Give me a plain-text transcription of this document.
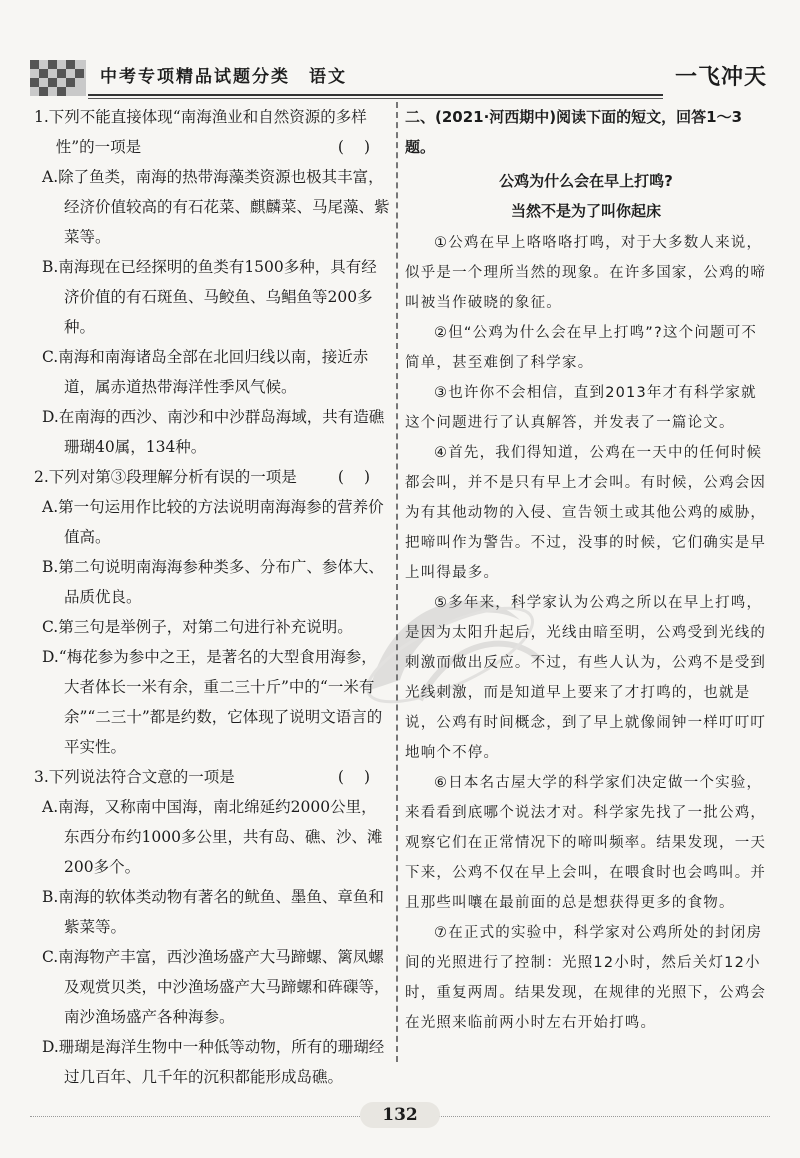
中考专项精品试题分类　语文	一飞冲天

1.下列不能直接体现“南海渔业和自然资源的多样性”的一项是	()

A.除了鱼类，南海的热带海藻类资源也极其丰富，经济价值较高的有石花菜、麒麟菜、马尾藻、紫菜等。

B.南海现在已经探明的鱼类有1500多种，具有经济价值的有石斑鱼、马鲛鱼、乌鲳鱼等200多种。

C.南海和南海诸岛全部在北回归线以南，接近赤道，属赤道热带海洋性季风气候。

D.在南海的西沙、南沙和中沙群岛海域，共有造礁珊瑚40属，134种。

2.下列对第③段理解分析有误的一项是	()

A.第一句运用作比较的方法说明南海海参的营养价值高。

B.第二句说明南海海参种类多、分布广、参体大、品质优良。

C.第三句是举例子，对第二句进行补充说明。

D.“梅花参为参中之王，是著名的大型食用海参，大者体长一米有余，重二三十斤”中的“一米有余”“二三十”都是约数，它体现了说明文语言的平实性。

3.下列说法符合文意的一项是	()

A.南海，又称南中国海，南北绵延约2000公里，东西分布约1000多公里，共有岛、礁、沙、滩200多个。

B.南海的软体类动物有著名的鱿鱼、墨鱼、章鱼和紫菜等。

C.南海物产丰富，西沙渔场盛产大马蹄螺、篱凤螺及观赏贝类，中沙渔场盛产大马蹄螺和砗磲等，南沙渔场盛产各种海参。

D.珊瑚是海洋生物中一种低等动物，所有的珊瑚经过几百年、几千年的沉积都能形成岛礁。

二、(2021·河西期中)阅读下面的短文，回答1～3题。

公鸡为什么会在早上打鸣?

当然不是为了叫你起床

①公鸡在早上咯咯咯打鸣，对于大多数人来说，似乎是一个理所当然的现象。在许多国家，公鸡的啼叫被当作破晓的象征。

②但“公鸡为什么会在早上打鸣”?这个问题可不简单，甚至难倒了科学家。

③也许你不会相信，直到2013年才有科学家就这个问题进行了认真解答，并发表了一篇论文。

④首先，我们得知道，公鸡在一天中的任何时候都会叫，并不是只有早上才会叫。有时候，公鸡会因为有其他动物的入侵、宣告领土或其他公鸡的威胁，把啼叫作为警告。不过，没事的时候，它们确实是早上叫得最多。

⑤多年来，科学家认为公鸡之所以在早上打鸣，是因为太阳升起后，光线由暗至明，公鸡受到光线的刺激而做出反应。不过，有些人认为，公鸡不是受到光线刺激，而是知道早上要来了才打鸣的，也就是说，公鸡有时间概念，到了早上就像闹钟一样叮叮叮地响个不停。

⑥日本名古屋大学的科学家们决定做一个实验，来看看到底哪个说法才对。科学家先找了一批公鸡，观察它们在正常情况下的啼叫频率。结果发现，一天下来，公鸡不仅在早上会叫，在喂食时也会鸣叫。并且那些叫嚷在最前面的总是想获得更多的食物。

⑦在正式的实验中，科学家对公鸡所处的封闭房间的光照进行了控制：光照12小时，然后关灯12小时，重复两周。结果发现，在规律的光照下，公鸡会在光照来临前两小时左右开始打鸣。

132
